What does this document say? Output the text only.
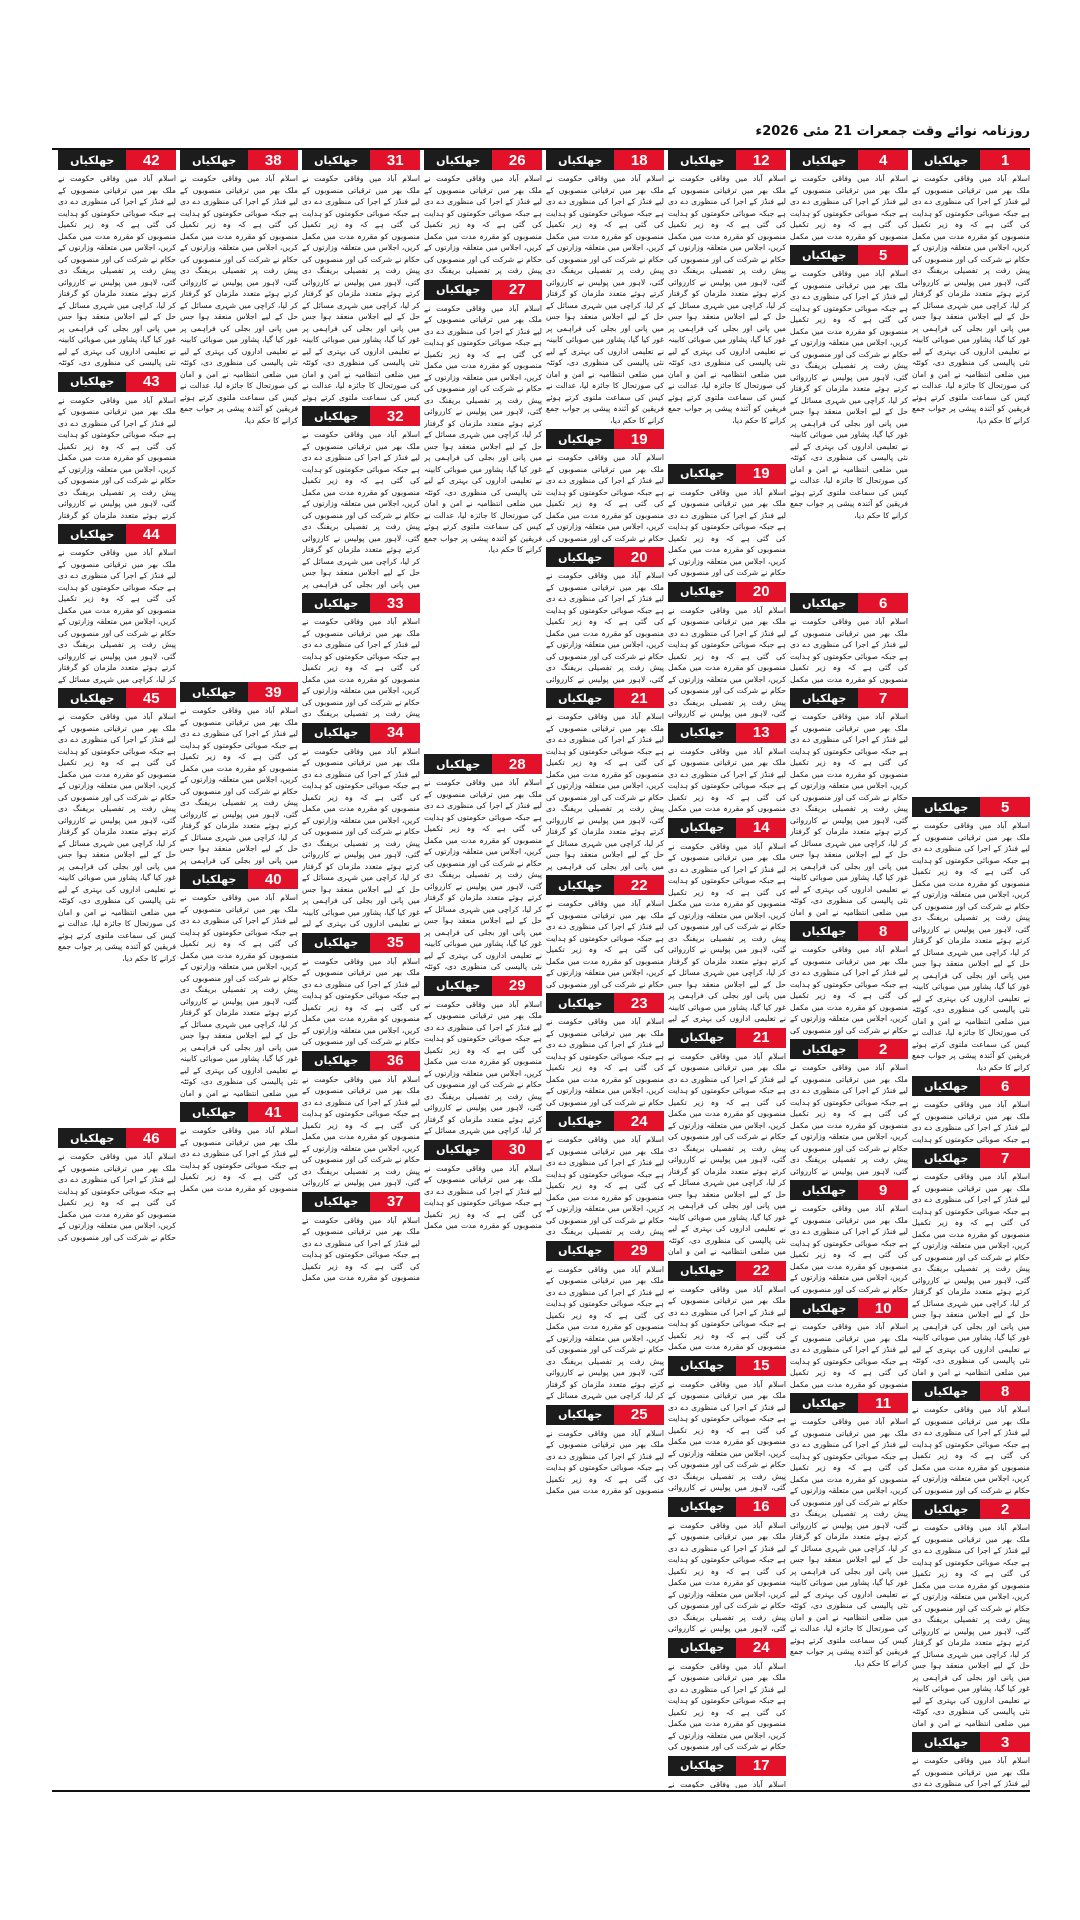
روزنامہ نوائے وقت جمعرات 21 مئی 2026ء
جھلکیاں	1
اسلام آباد میں وفاقی حکومت نے ملک بھر میں ترقیاتی منصوبوں کے لیے فنڈز کے اجرا کی منظوری دے دی ہے جبکہ صوبائی حکومتوں کو ہدایت کی گئی ہے کہ وہ زیر تکمیل منصوبوں کو مقررہ مدت میں مکمل کریں، اجلاس میں متعلقہ وزارتوں کے حکام نے شرکت کی اور منصوبوں کی پیش رفت پر تفصیلی بریفنگ دی گئی، لاہور میں پولیس نے کارروائی کرتے ہوئے متعدد ملزمان کو گرفتار کر لیا، کراچی میں شہری مسائل کے حل کے لیے اجلاس منعقد ہوا جس میں پانی اور بجلی کی فراہمی پر غور کیا گیا، پشاور میں صوبائی کابینہ نے تعلیمی اداروں کی بہتری کے لیے نئی پالیسی کی منظوری دی، کوئٹہ میں ضلعی انتظامیہ نے امن و امان کی صورتحال کا جائزہ لیا، عدالت نے کیس کی سماعت ملتوی کرتے ہوئے فریقین کو آئندہ پیشی پر جواب جمع کرانے کا حکم دیا،
جھلکیاں	5
اسلام آباد میں وفاقی حکومت نے ملک بھر میں ترقیاتی منصوبوں کے لیے فنڈز کے اجرا کی منظوری دے دی ہے جبکہ صوبائی حکومتوں کو ہدایت کی گئی ہے کہ وہ زیر تکمیل منصوبوں کو مقررہ مدت میں مکمل کریں، اجلاس میں متعلقہ وزارتوں کے حکام نے شرکت کی اور منصوبوں کی پیش رفت پر تفصیلی بریفنگ دی گئی، لاہور میں پولیس نے کارروائی کرتے ہوئے متعدد ملزمان کو گرفتار کر لیا، کراچی میں شہری مسائل کے حل کے لیے اجلاس منعقد ہوا جس میں پانی اور بجلی کی فراہمی پر غور کیا گیا، پشاور میں صوبائی کابینہ نے تعلیمی اداروں کی بہتری کے لیے نئی پالیسی کی منظوری دی، کوئٹہ میں ضلعی انتظامیہ نے امن و امان کی صورتحال کا جائزہ لیا، عدالت نے کیس کی سماعت ملتوی کرتے ہوئے فریقین کو آئندہ پیشی پر جواب جمع کرانے کا حکم دیا،
جھلکیاں	6
اسلام آباد میں وفاقی حکومت نے ملک بھر میں ترقیاتی منصوبوں کے لیے فنڈز کے اجرا کی منظوری دے دی ہے جبکہ صوبائی حکومتوں کو ہدایت
جھلکیاں	7
اسلام آباد میں وفاقی حکومت نے ملک بھر میں ترقیاتی منصوبوں کے لیے فنڈز کے اجرا کی منظوری دے دی ہے جبکہ صوبائی حکومتوں کو ہدایت کی گئی ہے کہ وہ زیر تکمیل منصوبوں کو مقررہ مدت میں مکمل کریں، اجلاس میں متعلقہ وزارتوں کے حکام نے شرکت کی اور منصوبوں کی پیش رفت پر تفصیلی بریفنگ دی گئی، لاہور میں پولیس نے کارروائی کرتے ہوئے متعدد ملزمان کو گرفتار کر لیا، کراچی میں شہری مسائل کے حل کے لیے اجلاس منعقد ہوا جس میں پانی اور بجلی کی فراہمی پر غور کیا گیا، پشاور میں صوبائی کابینہ نے تعلیمی اداروں کی بہتری کے لیے نئی پالیسی کی منظوری دی، کوئٹہ میں ضلعی انتظامیہ نے امن و امان
جھلکیاں	8
اسلام آباد میں وفاقی حکومت نے ملک بھر میں ترقیاتی منصوبوں کے لیے فنڈز کے اجرا کی منظوری دے دی ہے جبکہ صوبائی حکومتوں کو ہدایت کی گئی ہے کہ وہ زیر تکمیل منصوبوں کو مقررہ مدت میں مکمل کریں، اجلاس میں متعلقہ وزارتوں کے حکام نے شرکت کی اور منصوبوں کی
جھلکیاں	2
اسلام آباد میں وفاقی حکومت نے ملک بھر میں ترقیاتی منصوبوں کے لیے فنڈز کے اجرا کی منظوری دے دی ہے جبکہ صوبائی حکومتوں کو ہدایت کی گئی ہے کہ وہ زیر تکمیل منصوبوں کو مقررہ مدت میں مکمل کریں، اجلاس میں متعلقہ وزارتوں کے حکام نے شرکت کی اور منصوبوں کی پیش رفت پر تفصیلی بریفنگ دی گئی، لاہور میں پولیس نے کارروائی کرتے ہوئے متعدد ملزمان کو گرفتار کر لیا، کراچی میں شہری مسائل کے حل کے لیے اجلاس منعقد ہوا جس میں پانی اور بجلی کی فراہمی پر غور کیا گیا، پشاور میں صوبائی کابینہ نے تعلیمی اداروں کی بہتری کے لیے نئی پالیسی کی منظوری دی، کوئٹہ میں ضلعی انتظامیہ نے امن و امان
جھلکیاں	3
اسلام آباد میں وفاقی حکومت نے ملک بھر میں ترقیاتی منصوبوں کے لیے فنڈز کے اجرا کی منظوری دے دی
جھلکیاں	4
اسلام آباد میں وفاقی حکومت نے ملک بھر میں ترقیاتی منصوبوں کے لیے فنڈز کے اجرا کی منظوری دے دی ہے جبکہ صوبائی حکومتوں کو ہدایت کی گئی ہے کہ وہ زیر تکمیل منصوبوں کو مقررہ مدت میں مکمل
جھلکیاں	5
اسلام آباد میں وفاقی حکومت نے ملک بھر میں ترقیاتی منصوبوں کے لیے فنڈز کے اجرا کی منظوری دے دی ہے جبکہ صوبائی حکومتوں کو ہدایت کی گئی ہے کہ وہ زیر تکمیل منصوبوں کو مقررہ مدت میں مکمل کریں، اجلاس میں متعلقہ وزارتوں کے حکام نے شرکت کی اور منصوبوں کی پیش رفت پر تفصیلی بریفنگ دی گئی، لاہور میں پولیس نے کارروائی کرتے ہوئے متعدد ملزمان کو گرفتار کر لیا، کراچی میں شہری مسائل کے حل کے لیے اجلاس منعقد ہوا جس میں پانی اور بجلی کی فراہمی پر غور کیا گیا، پشاور میں صوبائی کابینہ نے تعلیمی اداروں کی بہتری کے لیے نئی پالیسی کی منظوری دی، کوئٹہ میں ضلعی انتظامیہ نے امن و امان کی صورتحال کا جائزہ لیا، عدالت نے کیس کی سماعت ملتوی کرتے ہوئے فریقین کو آئندہ پیشی پر جواب جمع کرانے کا حکم دیا،
جھلکیاں	6
اسلام آباد میں وفاقی حکومت نے ملک بھر میں ترقیاتی منصوبوں کے لیے فنڈز کے اجرا کی منظوری دے دی ہے جبکہ صوبائی حکومتوں کو ہدایت کی گئی ہے کہ وہ زیر تکمیل منصوبوں کو مقررہ مدت میں مکمل
جھلکیاں	7
اسلام آباد میں وفاقی حکومت نے ملک بھر میں ترقیاتی منصوبوں کے لیے فنڈز کے اجرا کی منظوری دے دی ہے جبکہ صوبائی حکومتوں کو ہدایت کی گئی ہے کہ وہ زیر تکمیل منصوبوں کو مقررہ مدت میں مکمل کریں، اجلاس میں متعلقہ وزارتوں کے حکام نے شرکت کی اور منصوبوں کی پیش رفت پر تفصیلی بریفنگ دی گئی، لاہور میں پولیس نے کارروائی کرتے ہوئے متعدد ملزمان کو گرفتار کر لیا، کراچی میں شہری مسائل کے حل کے لیے اجلاس منعقد ہوا جس میں پانی اور بجلی کی فراہمی پر غور کیا گیا، پشاور میں صوبائی کابینہ نے تعلیمی اداروں کی بہتری کے لیے نئی پالیسی کی منظوری دی، کوئٹہ میں ضلعی انتظامیہ نے امن و امان
جھلکیاں	8
اسلام آباد میں وفاقی حکومت نے ملک بھر میں ترقیاتی منصوبوں کے لیے فنڈز کے اجرا کی منظوری دے دی ہے جبکہ صوبائی حکومتوں کو ہدایت کی گئی ہے کہ وہ زیر تکمیل منصوبوں کو مقررہ مدت میں مکمل کریں، اجلاس میں متعلقہ وزارتوں کے حکام نے شرکت کی اور منصوبوں کی
جھلکیاں	2
اسلام آباد میں وفاقی حکومت نے ملک بھر میں ترقیاتی منصوبوں کے لیے فنڈز کے اجرا کی منظوری دے دی ہے جبکہ صوبائی حکومتوں کو ہدایت کی گئی ہے کہ وہ زیر تکمیل منصوبوں کو مقررہ مدت میں مکمل کریں، اجلاس میں متعلقہ وزارتوں کے حکام نے شرکت کی اور منصوبوں کی پیش رفت پر تفصیلی بریفنگ دی گئی، لاہور میں پولیس نے کارروائی
جھلکیاں	9
اسلام آباد میں وفاقی حکومت نے ملک بھر میں ترقیاتی منصوبوں کے لیے فنڈز کے اجرا کی منظوری دے دی ہے جبکہ صوبائی حکومتوں کو ہدایت کی گئی ہے کہ وہ زیر تکمیل منصوبوں کو مقررہ مدت میں مکمل کریں، اجلاس میں متعلقہ وزارتوں کے حکام نے شرکت کی اور منصوبوں کی
جھلکیاں	10
اسلام آباد میں وفاقی حکومت نے ملک بھر میں ترقیاتی منصوبوں کے لیے فنڈز کے اجرا کی منظوری دے دی ہے جبکہ صوبائی حکومتوں کو ہدایت کی گئی ہے کہ وہ زیر تکمیل منصوبوں کو مقررہ مدت میں مکمل
جھلکیاں	11
اسلام آباد میں وفاقی حکومت نے ملک بھر میں ترقیاتی منصوبوں کے لیے فنڈز کے اجرا کی منظوری دے دی ہے جبکہ صوبائی حکومتوں کو ہدایت کی گئی ہے کہ وہ زیر تکمیل منصوبوں کو مقررہ مدت میں مکمل کریں، اجلاس میں متعلقہ وزارتوں کے حکام نے شرکت کی اور منصوبوں کی پیش رفت پر تفصیلی بریفنگ دی گئی، لاہور میں پولیس نے کارروائی کرتے ہوئے متعدد ملزمان کو گرفتار کر لیا، کراچی میں شہری مسائل کے حل کے لیے اجلاس منعقد ہوا جس میں پانی اور بجلی کی فراہمی پر غور کیا گیا، پشاور میں صوبائی کابینہ نے تعلیمی اداروں کی بہتری کے لیے نئی پالیسی کی منظوری دی، کوئٹہ میں ضلعی انتظامیہ نے امن و امان کی صورتحال کا جائزہ لیا، عدالت نے کیس کی سماعت ملتوی کرتے ہوئے فریقین کو آئندہ پیشی پر جواب جمع کرانے کا حکم دیا،
جھلکیاں	12
اسلام آباد میں وفاقی حکومت نے ملک بھر میں ترقیاتی منصوبوں کے لیے فنڈز کے اجرا کی منظوری دے دی ہے جبکہ صوبائی حکومتوں کو ہدایت کی گئی ہے کہ وہ زیر تکمیل منصوبوں کو مقررہ مدت میں مکمل کریں، اجلاس میں متعلقہ وزارتوں کے حکام نے شرکت کی اور منصوبوں کی پیش رفت پر تفصیلی بریفنگ دی گئی، لاہور میں پولیس نے کارروائی کرتے ہوئے متعدد ملزمان کو گرفتار کر لیا، کراچی میں شہری مسائل کے حل کے لیے اجلاس منعقد ہوا جس میں پانی اور بجلی کی فراہمی پر غور کیا گیا، پشاور میں صوبائی کابینہ نے تعلیمی اداروں کی بہتری کے لیے نئی پالیسی کی منظوری دی، کوئٹہ میں ضلعی انتظامیہ نے امن و امان کی صورتحال کا جائزہ لیا، عدالت نے کیس کی سماعت ملتوی کرتے ہوئے فریقین کو آئندہ پیشی پر جواب جمع کرانے کا حکم دیا،
جھلکیاں	19
اسلام آباد میں وفاقی حکومت نے ملک بھر میں ترقیاتی منصوبوں کے لیے فنڈز کے اجرا کی منظوری دے دی ہے جبکہ صوبائی حکومتوں کو ہدایت کی گئی ہے کہ وہ زیر تکمیل منصوبوں کو مقررہ مدت میں مکمل کریں، اجلاس میں متعلقہ وزارتوں کے حکام نے شرکت کی اور منصوبوں کی
جھلکیاں	20
اسلام آباد میں وفاقی حکومت نے ملک بھر میں ترقیاتی منصوبوں کے لیے فنڈز کے اجرا کی منظوری دے دی ہے جبکہ صوبائی حکومتوں کو ہدایت کی گئی ہے کہ وہ زیر تکمیل منصوبوں کو مقررہ مدت میں مکمل کریں، اجلاس میں متعلقہ وزارتوں کے حکام نے شرکت کی اور منصوبوں کی پیش رفت پر تفصیلی بریفنگ دی گئی، لاہور میں پولیس نے کارروائی
جھلکیاں	13
اسلام آباد میں وفاقی حکومت نے ملک بھر میں ترقیاتی منصوبوں کے لیے فنڈز کے اجرا کی منظوری دے دی ہے جبکہ صوبائی حکومتوں کو ہدایت کی گئی ہے کہ وہ زیر تکمیل منصوبوں کو مقررہ مدت میں مکمل
جھلکیاں	14
اسلام آباد میں وفاقی حکومت نے ملک بھر میں ترقیاتی منصوبوں کے لیے فنڈز کے اجرا کی منظوری دے دی ہے جبکہ صوبائی حکومتوں کو ہدایت کی گئی ہے کہ وہ زیر تکمیل منصوبوں کو مقررہ مدت میں مکمل کریں، اجلاس میں متعلقہ وزارتوں کے حکام نے شرکت کی اور منصوبوں کی پیش رفت پر تفصیلی بریفنگ دی گئی، لاہور میں پولیس نے کارروائی کرتے ہوئے متعدد ملزمان کو گرفتار کر لیا، کراچی میں شہری مسائل کے حل کے لیے اجلاس منعقد ہوا جس میں پانی اور بجلی کی فراہمی پر غور کیا گیا، پشاور میں صوبائی کابینہ نے تعلیمی اداروں کی بہتری کے لیے
جھلکیاں	21
اسلام آباد میں وفاقی حکومت نے ملک بھر میں ترقیاتی منصوبوں کے لیے فنڈز کے اجرا کی منظوری دے دی ہے جبکہ صوبائی حکومتوں کو ہدایت کی گئی ہے کہ وہ زیر تکمیل منصوبوں کو مقررہ مدت میں مکمل کریں، اجلاس میں متعلقہ وزارتوں کے حکام نے شرکت کی اور منصوبوں کی پیش رفت پر تفصیلی بریفنگ دی گئی، لاہور میں پولیس نے کارروائی کرتے ہوئے متعدد ملزمان کو گرفتار کر لیا، کراچی میں شہری مسائل کے حل کے لیے اجلاس منعقد ہوا جس میں پانی اور بجلی کی فراہمی پر غور کیا گیا، پشاور میں صوبائی کابینہ نے تعلیمی اداروں کی بہتری کے لیے نئی پالیسی کی منظوری دی، کوئٹہ میں ضلعی انتظامیہ نے امن و امان
جھلکیاں	22
اسلام آباد میں وفاقی حکومت نے ملک بھر میں ترقیاتی منصوبوں کے لیے فنڈز کے اجرا کی منظوری دے دی ہے جبکہ صوبائی حکومتوں کو ہدایت کی گئی ہے کہ وہ زیر تکمیل منصوبوں کو مقررہ مدت میں مکمل
جھلکیاں	15
اسلام آباد میں وفاقی حکومت نے ملک بھر میں ترقیاتی منصوبوں کے لیے فنڈز کے اجرا کی منظوری دے دی ہے جبکہ صوبائی حکومتوں کو ہدایت کی گئی ہے کہ وہ زیر تکمیل منصوبوں کو مقررہ مدت میں مکمل کریں، اجلاس میں متعلقہ وزارتوں کے حکام نے شرکت کی اور منصوبوں کی پیش رفت پر تفصیلی بریفنگ دی گئی، لاہور میں پولیس نے کارروائی
جھلکیاں	16
اسلام آباد میں وفاقی حکومت نے ملک بھر میں ترقیاتی منصوبوں کے لیے فنڈز کے اجرا کی منظوری دے دی ہے جبکہ صوبائی حکومتوں کو ہدایت کی گئی ہے کہ وہ زیر تکمیل منصوبوں کو مقررہ مدت میں مکمل کریں، اجلاس میں متعلقہ وزارتوں کے حکام نے شرکت کی اور منصوبوں کی پیش رفت پر تفصیلی بریفنگ دی گئی، لاہور میں پولیس نے کارروائی
جھلکیاں	24
اسلام آباد میں وفاقی حکومت نے ملک بھر میں ترقیاتی منصوبوں کے لیے فنڈز کے اجرا کی منظوری دے دی ہے جبکہ صوبائی حکومتوں کو ہدایت کی گئی ہے کہ وہ زیر تکمیل منصوبوں کو مقررہ مدت میں مکمل کریں، اجلاس میں متعلقہ وزارتوں کے حکام نے شرکت کی اور منصوبوں کی
جھلکیاں	17
اسلام آباد میں وفاقی حکومت نے
جھلکیاں	18
اسلام آباد میں وفاقی حکومت نے ملک بھر میں ترقیاتی منصوبوں کے لیے فنڈز کے اجرا کی منظوری دے دی ہے جبکہ صوبائی حکومتوں کو ہدایت کی گئی ہے کہ وہ زیر تکمیل منصوبوں کو مقررہ مدت میں مکمل کریں، اجلاس میں متعلقہ وزارتوں کے حکام نے شرکت کی اور منصوبوں کی پیش رفت پر تفصیلی بریفنگ دی گئی، لاہور میں پولیس نے کارروائی کرتے ہوئے متعدد ملزمان کو گرفتار کر لیا، کراچی میں شہری مسائل کے حل کے لیے اجلاس منعقد ہوا جس میں پانی اور بجلی کی فراہمی پر غور کیا گیا، پشاور میں صوبائی کابینہ نے تعلیمی اداروں کی بہتری کے لیے نئی پالیسی کی منظوری دی، کوئٹہ میں ضلعی انتظامیہ نے امن و امان کی صورتحال کا جائزہ لیا، عدالت نے کیس کی سماعت ملتوی کرتے ہوئے فریقین کو آئندہ پیشی پر جواب جمع کرانے کا حکم دیا،
جھلکیاں	19
اسلام آباد میں وفاقی حکومت نے ملک بھر میں ترقیاتی منصوبوں کے لیے فنڈز کے اجرا کی منظوری دے دی ہے جبکہ صوبائی حکومتوں کو ہدایت کی گئی ہے کہ وہ زیر تکمیل منصوبوں کو مقررہ مدت میں مکمل کریں، اجلاس میں متعلقہ وزارتوں کے حکام نے شرکت کی اور منصوبوں کی
جھلکیاں	20
اسلام آباد میں وفاقی حکومت نے ملک بھر میں ترقیاتی منصوبوں کے لیے فنڈز کے اجرا کی منظوری دے دی ہے جبکہ صوبائی حکومتوں کو ہدایت کی گئی ہے کہ وہ زیر تکمیل منصوبوں کو مقررہ مدت میں مکمل کریں، اجلاس میں متعلقہ وزارتوں کے حکام نے شرکت کی اور منصوبوں کی پیش رفت پر تفصیلی بریفنگ دی گئی، لاہور میں پولیس نے کارروائی
جھلکیاں	21
اسلام آباد میں وفاقی حکومت نے ملک بھر میں ترقیاتی منصوبوں کے لیے فنڈز کے اجرا کی منظوری دے دی ہے جبکہ صوبائی حکومتوں کو ہدایت کی گئی ہے کہ وہ زیر تکمیل منصوبوں کو مقررہ مدت میں مکمل کریں، اجلاس میں متعلقہ وزارتوں کے حکام نے شرکت کی اور منصوبوں کی پیش رفت پر تفصیلی بریفنگ دی گئی، لاہور میں پولیس نے کارروائی کرتے ہوئے متعدد ملزمان کو گرفتار کر لیا، کراچی میں شہری مسائل کے حل کے لیے اجلاس منعقد ہوا جس میں پانی اور بجلی کی فراہمی پر
جھلکیاں	22
اسلام آباد میں وفاقی حکومت نے ملک بھر میں ترقیاتی منصوبوں کے لیے فنڈز کے اجرا کی منظوری دے دی ہے جبکہ صوبائی حکومتوں کو ہدایت کی گئی ہے کہ وہ زیر تکمیل منصوبوں کو مقررہ مدت میں مکمل کریں، اجلاس میں متعلقہ وزارتوں کے حکام نے شرکت کی اور منصوبوں کی
جھلکیاں	23
اسلام آباد میں وفاقی حکومت نے ملک بھر میں ترقیاتی منصوبوں کے لیے فنڈز کے اجرا کی منظوری دے دی ہے جبکہ صوبائی حکومتوں کو ہدایت کی گئی ہے کہ وہ زیر تکمیل منصوبوں کو مقررہ مدت میں مکمل کریں، اجلاس میں متعلقہ وزارتوں کے حکام نے شرکت کی اور منصوبوں کی
جھلکیاں	24
اسلام آباد میں وفاقی حکومت نے ملک بھر میں ترقیاتی منصوبوں کے لیے فنڈز کے اجرا کی منظوری دے دی ہے جبکہ صوبائی حکومتوں کو ہدایت کی گئی ہے کہ وہ زیر تکمیل منصوبوں کو مقررہ مدت میں مکمل کریں، اجلاس میں متعلقہ وزارتوں کے حکام نے شرکت کی اور منصوبوں کی پیش رفت پر تفصیلی بریفنگ دی
جھلکیاں	29
اسلام آباد میں وفاقی حکومت نے ملک بھر میں ترقیاتی منصوبوں کے لیے فنڈز کے اجرا کی منظوری دے دی ہے جبکہ صوبائی حکومتوں کو ہدایت کی گئی ہے کہ وہ زیر تکمیل منصوبوں کو مقررہ مدت میں مکمل کریں، اجلاس میں متعلقہ وزارتوں کے حکام نے شرکت کی اور منصوبوں کی پیش رفت پر تفصیلی بریفنگ دی گئی، لاہور میں پولیس نے کارروائی کرتے ہوئے متعدد ملزمان کو گرفتار کر لیا، کراچی میں شہری مسائل کے
جھلکیاں	25
اسلام آباد میں وفاقی حکومت نے ملک بھر میں ترقیاتی منصوبوں کے لیے فنڈز کے اجرا کی منظوری دے دی ہے جبکہ صوبائی حکومتوں کو ہدایت کی گئی ہے کہ وہ زیر تکمیل منصوبوں کو مقررہ مدت میں مکمل
جھلکیاں	26
اسلام آباد میں وفاقی حکومت نے ملک بھر میں ترقیاتی منصوبوں کے لیے فنڈز کے اجرا کی منظوری دے دی ہے جبکہ صوبائی حکومتوں کو ہدایت کی گئی ہے کہ وہ زیر تکمیل منصوبوں کو مقررہ مدت میں مکمل کریں، اجلاس میں متعلقہ وزارتوں کے حکام نے شرکت کی اور منصوبوں کی پیش رفت پر تفصیلی بریفنگ دی
جھلکیاں	27
اسلام آباد میں وفاقی حکومت نے ملک بھر میں ترقیاتی منصوبوں کے لیے فنڈز کے اجرا کی منظوری دے دی ہے جبکہ صوبائی حکومتوں کو ہدایت کی گئی ہے کہ وہ زیر تکمیل منصوبوں کو مقررہ مدت میں مکمل کریں، اجلاس میں متعلقہ وزارتوں کے حکام نے شرکت کی اور منصوبوں کی پیش رفت پر تفصیلی بریفنگ دی گئی، لاہور میں پولیس نے کارروائی کرتے ہوئے متعدد ملزمان کو گرفتار کر لیا، کراچی میں شہری مسائل کے حل کے لیے اجلاس منعقد ہوا جس میں پانی اور بجلی کی فراہمی پر غور کیا گیا، پشاور میں صوبائی کابینہ نے تعلیمی اداروں کی بہتری کے لیے نئی پالیسی کی منظوری دی، کوئٹہ میں ضلعی انتظامیہ نے امن و امان کی صورتحال کا جائزہ لیا، عدالت نے کیس کی سماعت ملتوی کرتے ہوئے فریقین کو آئندہ پیشی پر جواب جمع کرانے کا حکم دیا،
جھلکیاں	28
اسلام آباد میں وفاقی حکومت نے ملک بھر میں ترقیاتی منصوبوں کے لیے فنڈز کے اجرا کی منظوری دے دی ہے جبکہ صوبائی حکومتوں کو ہدایت کی گئی ہے کہ وہ زیر تکمیل منصوبوں کو مقررہ مدت میں مکمل کریں، اجلاس میں متعلقہ وزارتوں کے حکام نے شرکت کی اور منصوبوں کی پیش رفت پر تفصیلی بریفنگ دی گئی، لاہور میں پولیس نے کارروائی کرتے ہوئے متعدد ملزمان کو گرفتار کر لیا، کراچی میں شہری مسائل کے حل کے لیے اجلاس منعقد ہوا جس میں پانی اور بجلی کی فراہمی پر غور کیا گیا، پشاور میں صوبائی کابینہ نے تعلیمی اداروں کی بہتری کے لیے نئی پالیسی کی منظوری دی، کوئٹہ
جھلکیاں	29
اسلام آباد میں وفاقی حکومت نے ملک بھر میں ترقیاتی منصوبوں کے لیے فنڈز کے اجرا کی منظوری دے دی ہے جبکہ صوبائی حکومتوں کو ہدایت کی گئی ہے کہ وہ زیر تکمیل منصوبوں کو مقررہ مدت میں مکمل کریں، اجلاس میں متعلقہ وزارتوں کے حکام نے شرکت کی اور منصوبوں کی پیش رفت پر تفصیلی بریفنگ دی گئی، لاہور میں پولیس نے کارروائی کرتے ہوئے متعدد ملزمان کو گرفتار کر لیا، کراچی میں شہری مسائل کے
جھلکیاں	30
اسلام آباد میں وفاقی حکومت نے ملک بھر میں ترقیاتی منصوبوں کے لیے فنڈز کے اجرا کی منظوری دے دی ہے جبکہ صوبائی حکومتوں کو ہدایت کی گئی ہے کہ وہ زیر تکمیل منصوبوں کو مقررہ مدت میں مکمل
جھلکیاں	31
اسلام آباد میں وفاقی حکومت نے ملک بھر میں ترقیاتی منصوبوں کے لیے فنڈز کے اجرا کی منظوری دے دی ہے جبکہ صوبائی حکومتوں کو ہدایت کی گئی ہے کہ وہ زیر تکمیل منصوبوں کو مقررہ مدت میں مکمل کریں، اجلاس میں متعلقہ وزارتوں کے حکام نے شرکت کی اور منصوبوں کی پیش رفت پر تفصیلی بریفنگ دی گئی، لاہور میں پولیس نے کارروائی کرتے ہوئے متعدد ملزمان کو گرفتار کر لیا، کراچی میں شہری مسائل کے حل کے لیے اجلاس منعقد ہوا جس میں پانی اور بجلی کی فراہمی پر غور کیا گیا، پشاور میں صوبائی کابینہ نے تعلیمی اداروں کی بہتری کے لیے نئی پالیسی کی منظوری دی، کوئٹہ میں ضلعی انتظامیہ نے امن و امان کی صورتحال کا جائزہ لیا، عدالت نے کیس کی سماعت ملتوی کرتے ہوئے
جھلکیاں	32
اسلام آباد میں وفاقی حکومت نے ملک بھر میں ترقیاتی منصوبوں کے لیے فنڈز کے اجرا کی منظوری دے دی ہے جبکہ صوبائی حکومتوں کو ہدایت کی گئی ہے کہ وہ زیر تکمیل منصوبوں کو مقررہ مدت میں مکمل کریں، اجلاس میں متعلقہ وزارتوں کے حکام نے شرکت کی اور منصوبوں کی پیش رفت پر تفصیلی بریفنگ دی گئی، لاہور میں پولیس نے کارروائی کرتے ہوئے متعدد ملزمان کو گرفتار کر لیا، کراچی میں شہری مسائل کے حل کے لیے اجلاس منعقد ہوا جس میں پانی اور بجلی کی فراہمی پر
جھلکیاں	33
اسلام آباد میں وفاقی حکومت نے ملک بھر میں ترقیاتی منصوبوں کے لیے فنڈز کے اجرا کی منظوری دے دی ہے جبکہ صوبائی حکومتوں کو ہدایت کی گئی ہے کہ وہ زیر تکمیل منصوبوں کو مقررہ مدت میں مکمل کریں، اجلاس میں متعلقہ وزارتوں کے حکام نے شرکت کی اور منصوبوں کی پیش رفت پر تفصیلی بریفنگ دی
جھلکیاں	34
اسلام آباد میں وفاقی حکومت نے ملک بھر میں ترقیاتی منصوبوں کے لیے فنڈز کے اجرا کی منظوری دے دی ہے جبکہ صوبائی حکومتوں کو ہدایت کی گئی ہے کہ وہ زیر تکمیل منصوبوں کو مقررہ مدت میں مکمل کریں، اجلاس میں متعلقہ وزارتوں کے حکام نے شرکت کی اور منصوبوں کی پیش رفت پر تفصیلی بریفنگ دی گئی، لاہور میں پولیس نے کارروائی کرتے ہوئے متعدد ملزمان کو گرفتار کر لیا، کراچی میں شہری مسائل کے حل کے لیے اجلاس منعقد ہوا جس میں پانی اور بجلی کی فراہمی پر غور کیا گیا، پشاور میں صوبائی کابینہ نے تعلیمی اداروں کی بہتری کے لیے
جھلکیاں	35
اسلام آباد میں وفاقی حکومت نے ملک بھر میں ترقیاتی منصوبوں کے لیے فنڈز کے اجرا کی منظوری دے دی ہے جبکہ صوبائی حکومتوں کو ہدایت کی گئی ہے کہ وہ زیر تکمیل منصوبوں کو مقررہ مدت میں مکمل کریں، اجلاس میں متعلقہ وزارتوں کے حکام نے شرکت کی اور منصوبوں کی
جھلکیاں	36
اسلام آباد میں وفاقی حکومت نے ملک بھر میں ترقیاتی منصوبوں کے لیے فنڈز کے اجرا کی منظوری دے دی ہے جبکہ صوبائی حکومتوں کو ہدایت کی گئی ہے کہ وہ زیر تکمیل منصوبوں کو مقررہ مدت میں مکمل کریں، اجلاس میں متعلقہ وزارتوں کے حکام نے شرکت کی اور منصوبوں کی پیش رفت پر تفصیلی بریفنگ دی گئی، لاہور میں پولیس نے کارروائی
جھلکیاں	37
اسلام آباد میں وفاقی حکومت نے ملک بھر میں ترقیاتی منصوبوں کے لیے فنڈز کے اجرا کی منظوری دے دی ہے جبکہ صوبائی حکومتوں کو ہدایت کی گئی ہے کہ وہ زیر تکمیل منصوبوں کو مقررہ مدت میں مکمل
جھلکیاں	38
اسلام آباد میں وفاقی حکومت نے ملک بھر میں ترقیاتی منصوبوں کے لیے فنڈز کے اجرا کی منظوری دے دی ہے جبکہ صوبائی حکومتوں کو ہدایت کی گئی ہے کہ وہ زیر تکمیل منصوبوں کو مقررہ مدت میں مکمل کریں، اجلاس میں متعلقہ وزارتوں کے حکام نے شرکت کی اور منصوبوں کی پیش رفت پر تفصیلی بریفنگ دی گئی، لاہور میں پولیس نے کارروائی کرتے ہوئے متعدد ملزمان کو گرفتار کر لیا، کراچی میں شہری مسائل کے حل کے لیے اجلاس منعقد ہوا جس میں پانی اور بجلی کی فراہمی پر غور کیا گیا، پشاور میں صوبائی کابینہ نے تعلیمی اداروں کی بہتری کے لیے نئی پالیسی کی منظوری دی، کوئٹہ میں ضلعی انتظامیہ نے امن و امان کی صورتحال کا جائزہ لیا، عدالت نے کیس کی سماعت ملتوی کرتے ہوئے فریقین کو آئندہ پیشی پر جواب جمع کرانے کا حکم دیا،
جھلکیاں	39
اسلام آباد میں وفاقی حکومت نے ملک بھر میں ترقیاتی منصوبوں کے لیے فنڈز کے اجرا کی منظوری دے دی ہے جبکہ صوبائی حکومتوں کو ہدایت کی گئی ہے کہ وہ زیر تکمیل منصوبوں کو مقررہ مدت میں مکمل کریں، اجلاس میں متعلقہ وزارتوں کے حکام نے شرکت کی اور منصوبوں کی پیش رفت پر تفصیلی بریفنگ دی گئی، لاہور میں پولیس نے کارروائی کرتے ہوئے متعدد ملزمان کو گرفتار کر لیا، کراچی میں شہری مسائل کے حل کے لیے اجلاس منعقد ہوا جس میں پانی اور بجلی کی فراہمی پر
جھلکیاں	40
اسلام آباد میں وفاقی حکومت نے ملک بھر میں ترقیاتی منصوبوں کے لیے فنڈز کے اجرا کی منظوری دے دی ہے جبکہ صوبائی حکومتوں کو ہدایت کی گئی ہے کہ وہ زیر تکمیل منصوبوں کو مقررہ مدت میں مکمل کریں، اجلاس میں متعلقہ وزارتوں کے حکام نے شرکت کی اور منصوبوں کی پیش رفت پر تفصیلی بریفنگ دی گئی، لاہور میں پولیس نے کارروائی کرتے ہوئے متعدد ملزمان کو گرفتار کر لیا، کراچی میں شہری مسائل کے حل کے لیے اجلاس منعقد ہوا جس میں پانی اور بجلی کی فراہمی پر غور کیا گیا، پشاور میں صوبائی کابینہ نے تعلیمی اداروں کی بہتری کے لیے نئی پالیسی کی منظوری دی، کوئٹہ میں ضلعی انتظامیہ نے امن و امان
جھلکیاں	41
اسلام آباد میں وفاقی حکومت نے ملک بھر میں ترقیاتی منصوبوں کے لیے فنڈز کے اجرا کی منظوری دے دی ہے جبکہ صوبائی حکومتوں کو ہدایت کی گئی ہے کہ وہ زیر تکمیل منصوبوں کو مقررہ مدت میں مکمل
جھلکیاں	42
اسلام آباد میں وفاقی حکومت نے ملک بھر میں ترقیاتی منصوبوں کے لیے فنڈز کے اجرا کی منظوری دے دی ہے جبکہ صوبائی حکومتوں کو ہدایت کی گئی ہے کہ وہ زیر تکمیل منصوبوں کو مقررہ مدت میں مکمل کریں، اجلاس میں متعلقہ وزارتوں کے حکام نے شرکت کی اور منصوبوں کی پیش رفت پر تفصیلی بریفنگ دی گئی، لاہور میں پولیس نے کارروائی کرتے ہوئے متعدد ملزمان کو گرفتار کر لیا، کراچی میں شہری مسائل کے حل کے لیے اجلاس منعقد ہوا جس میں پانی اور بجلی کی فراہمی پر غور کیا گیا، پشاور میں صوبائی کابینہ نے تعلیمی اداروں کی بہتری کے لیے نئی پالیسی کی منظوری دی، کوئٹہ
جھلکیاں	43
اسلام آباد میں وفاقی حکومت نے ملک بھر میں ترقیاتی منصوبوں کے لیے فنڈز کے اجرا کی منظوری دے دی ہے جبکہ صوبائی حکومتوں کو ہدایت کی گئی ہے کہ وہ زیر تکمیل منصوبوں کو مقررہ مدت میں مکمل کریں، اجلاس میں متعلقہ وزارتوں کے حکام نے شرکت کی اور منصوبوں کی پیش رفت پر تفصیلی بریفنگ دی گئی، لاہور میں پولیس نے کارروائی کرتے ہوئے متعدد ملزمان کو گرفتار
جھلکیاں	44
اسلام آباد میں وفاقی حکومت نے ملک بھر میں ترقیاتی منصوبوں کے لیے فنڈز کے اجرا کی منظوری دے دی ہے جبکہ صوبائی حکومتوں کو ہدایت کی گئی ہے کہ وہ زیر تکمیل منصوبوں کو مقررہ مدت میں مکمل کریں، اجلاس میں متعلقہ وزارتوں کے حکام نے شرکت کی اور منصوبوں کی پیش رفت پر تفصیلی بریفنگ دی گئی، لاہور میں پولیس نے کارروائی کرتے ہوئے متعدد ملزمان کو گرفتار کر لیا، کراچی میں شہری مسائل کے
جھلکیاں	45
اسلام آباد میں وفاقی حکومت نے ملک بھر میں ترقیاتی منصوبوں کے لیے فنڈز کے اجرا کی منظوری دے دی ہے جبکہ صوبائی حکومتوں کو ہدایت کی گئی ہے کہ وہ زیر تکمیل منصوبوں کو مقررہ مدت میں مکمل کریں، اجلاس میں متعلقہ وزارتوں کے حکام نے شرکت کی اور منصوبوں کی پیش رفت پر تفصیلی بریفنگ دی گئی، لاہور میں پولیس نے کارروائی کرتے ہوئے متعدد ملزمان کو گرفتار کر لیا، کراچی میں شہری مسائل کے حل کے لیے اجلاس منعقد ہوا جس میں پانی اور بجلی کی فراہمی پر غور کیا گیا، پشاور میں صوبائی کابینہ نے تعلیمی اداروں کی بہتری کے لیے نئی پالیسی کی منظوری دی، کوئٹہ میں ضلعی انتظامیہ نے امن و امان کی صورتحال کا جائزہ لیا، عدالت نے کیس کی سماعت ملتوی کرتے ہوئے فریقین کو آئندہ پیشی پر جواب جمع کرانے کا حکم دیا،
جھلکیاں	46
اسلام آباد میں وفاقی حکومت نے ملک بھر میں ترقیاتی منصوبوں کے لیے فنڈز کے اجرا کی منظوری دے دی ہے جبکہ صوبائی حکومتوں کو ہدایت کی گئی ہے کہ وہ زیر تکمیل منصوبوں کو مقررہ مدت میں مکمل کریں، اجلاس میں متعلقہ وزارتوں کے حکام نے شرکت کی اور منصوبوں کی
